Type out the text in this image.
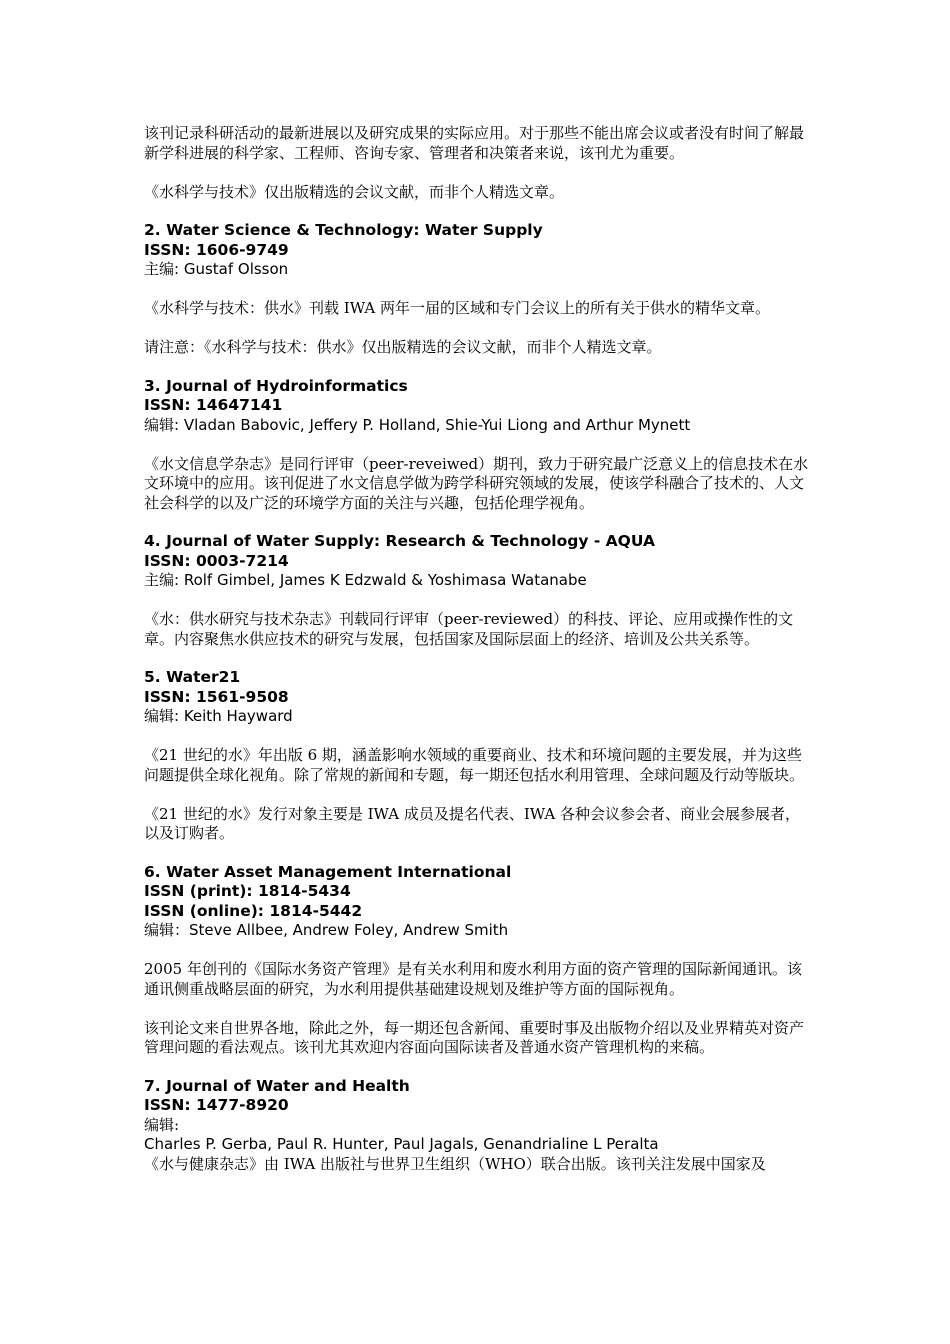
该刊记录科研活动的最新进展以及研究成果的实际应用。对于那些不能出席会议或者没有时间了解最新学科进展的科学家、工程师、咨询专家、管理者和决策者来说，该刊尤为重要。

《水科学与技术》仅出版精选的会议文献，而非个人精选文章。

2. Water Science & Technology: Water Supply

ISSN: 1606-9749

主编: Gustaf Olsson

《水科学与技术：供水》刊载 IWA 两年一届的区域和专门会议上的所有关于供水的精华文章。

请注意：《水科学与技术：供水》仅出版精选的会议文献，而非个人精选文章。

3. Journal of Hydroinformatics

ISSN: 14647141

编辑: Vladan Babovic, Jeffery P. Holland, Shie-Yui Liong and Arthur Mynett

《水文信息学杂志》是同行评审（peer-reveiwed）期刊，致力于研究最广泛意义上的信息技术在水文环境中的应用。该刊促进了水文信息学做为跨学科研究领域的发展，使该学科融合了技术的、人文社会科学的以及广泛的环境学方面的关注与兴趣，包括伦理学视角。

4. Journal of Water Supply: Research & Technology - AQUA

ISSN: 0003-7214

主编: Rolf Gimbel, James K Edzwald & Yoshimasa Watanabe

《水：供水研究与技术杂志》刊载同行评审（peer-reviewed）的科技、评论、应用或操作性的文章。内容聚焦水供应技术的研究与发展，包括国家及国际层面上的经济、培训及公共关系等。

5. Water21

ISSN: 1561-9508

编辑: Keith Hayward

《21 世纪的水》年出版 6 期，涵盖影响水领域的重要商业、技术和环境问题的主要发展，并为这些问题提供全球化视角。除了常规的新闻和专题，每一期还包括水利用管理、全球问题及行动等版块。

《21 世纪的水》发行对象主要是 IWA 成员及提名代表、IWA 各种会议参会者、商业会展参展者，以及订购者。

6. Water Asset Management International

ISSN (print): 1814-5434

ISSN (online): 1814-5442

编辑：Steve Allbee, Andrew Foley, Andrew Smith

2005 年创刊的《国际水务资产管理》是有关水利用和废水利用方面的资产管理的国际新闻通讯。该通讯侧重战略层面的研究，为水利用提供基础建设规划及维护等方面的国际视角。

该刊论文来自世界各地，除此之外，每一期还包含新闻、重要时事及出版物介绍以及业界精英对资产管理问题的看法观点。该刊尤其欢迎内容面向国际读者及普通水资产管理机构的来稿。

7. Journal of Water and Health

ISSN: 1477-8920

编辑:

Charles P. Gerba, Paul R. Hunter, Paul Jagals, Genandrialine L Peralta

《水与健康杂志》由 IWA 出版社与世界卫生组织（WHO）联合出版。该刊关注发展中国家及
